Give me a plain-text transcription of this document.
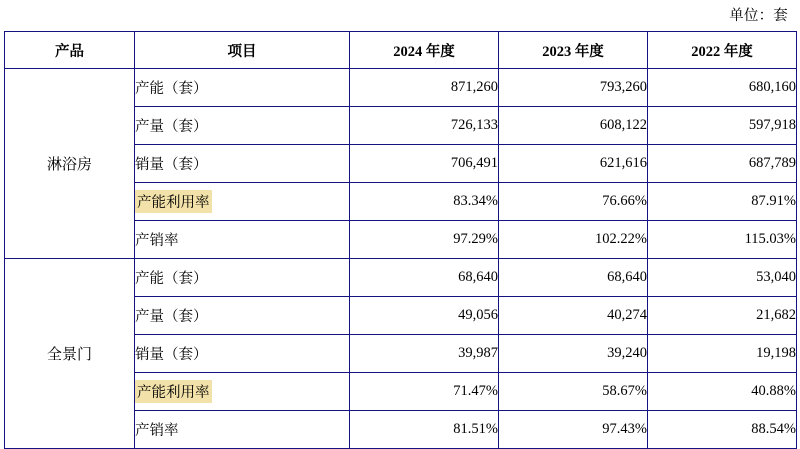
单位：套
产品	项目	2024 年度	2023 年度	2022 年度
淋浴房	产能（套）	871,260	793,260	680,160
	产量（套）	726,133	608,122	597,918
	销量（套）	706,491	621,616	687,789
	产能利用率	83.34%	76.66%	87.91%
	产销率	97.29%	102.22%	115.03%
全景门	产能（套）	68,640	68,640	53,040
	产量（套）	49,056	40,274	21,682
	销量（套）	39,987	39,240	19,198
	产能利用率	71.47%	58.67%	40.88%
	产销率	81.51%	97.43%	88.54%
